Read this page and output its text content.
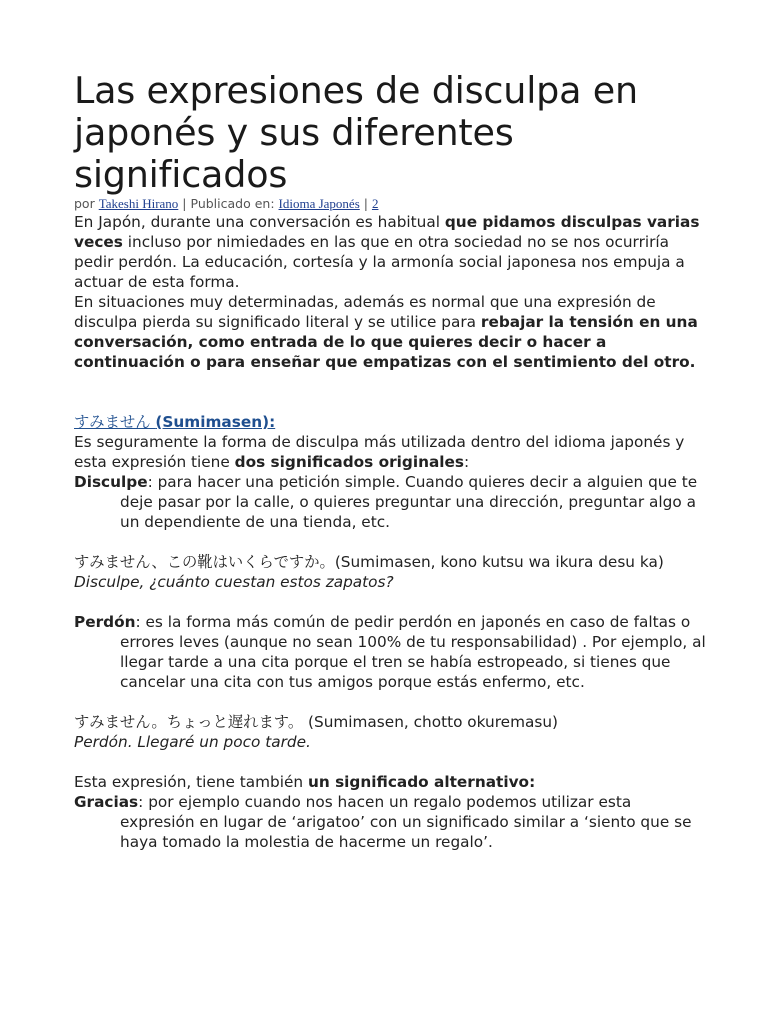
Las expresiones de disculpa en japonés y sus diferentes significados
por Takeshi Hirano | Publicado en: Idioma Japonés | 2

En Japón, durante una conversación es habitual que pidamos disculpas varias veces incluso por nimiedades en las que en otra sociedad no se nos ocurriría pedir perdón. La educación, cortesía y la armonía social japonesa nos empuja a actuar de esta forma.

En situaciones muy determinadas, además es normal que una expresión de disculpa pierda su significado literal y se utilice para rebajar la tensión en una conversación, como entrada de lo que quieres decir o hacer a continuación o para enseñar que empatizas con el sentimiento del otro.

すみません (Sumimasen):

Es seguramente la forma de disculpa más utilizada dentro del idioma japonés y esta expresión tiene dos significados originales:

Disculpe: para hacer una petición simple. Cuando quieres decir a alguien que te deje pasar por la calle, o quieres preguntar una dirección, preguntar algo a un dependiente de una tienda, etc.

すみません、この靴はいくらですか。(Sumimasen, kono kutsu wa ikura desu ka)

Disculpe, ¿cuánto cuestan estos zapatos?

Perdón: es la forma más común de pedir perdón en japonés en caso de faltas o errores leves (aunque no sean 100% de tu responsabilidad) . Por ejemplo, al llegar tarde a una cita porque el tren se había estropeado, si tienes que cancelar una cita con tus amigos porque estás enfermo, etc.

すみません。ちょっと遅れます。 (Sumimasen, chotto okuremasu)

Perdón. Llegaré un poco tarde.

Esta expresión, tiene también un significado alternativo:

Gracias: por ejemplo cuando nos hacen un regalo podemos utilizar esta expresión en lugar de ‘arigatoo’ con un significado similar a ‘siento que se haya tomado la molestia de hacerme un regalo’.
